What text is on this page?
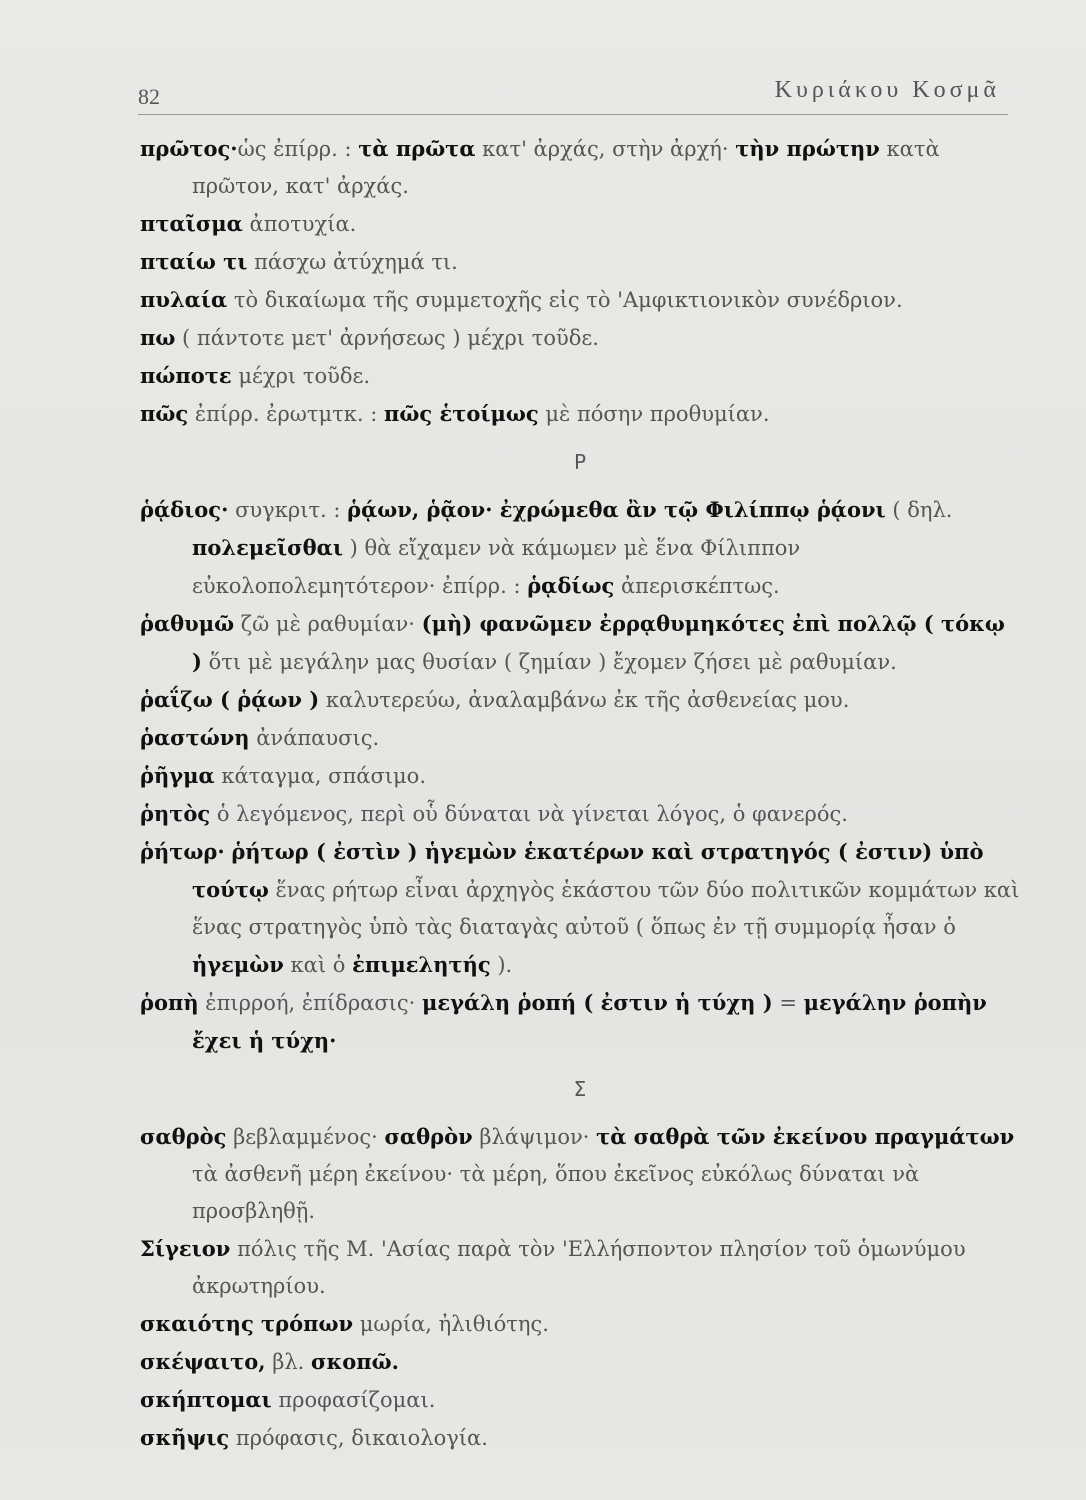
82	Κυριάκου Κοσμᾶ

πρῶτος·ὡς ἐπίρρ. : τὰ πρῶτα κατ' ἀρχάς, στὴν ἀρχή· τὴν πρώτην κατὰ πρῶτον, κατ' ἀρχάς.

πταῖσμα ἀποτυχία.

πταίω τι πάσχω ἀτύχημά τι.

πυλαία τὸ δικαίωμα τῆς συμμετοχῆς εἰς τὸ 'Αμφικτιονικὸν συνέδριον.

πω ( πάντοτε μετ' ἀρνήσεως ) μέχρι τοῦδε.

πώποτε μέχρι τοῦδε.

πῶς ἐπίρρ. ἐρωτμτκ. : πῶς ἑτοίμως μὲ πόσην προθυμίαν.

Ρ

ῥᾴδιος· συγκριτ. : ῥᾴων, ῥᾷον· ἐχρώμεθα ἂν τῷ Φιλίππῳ ῥᾴονι ( δηλ. πολεμεῖσθαι ) θὰ εἴχαμεν νὰ κάμωμεν μὲ ἕνα Φίλιππον εὐκολοπολεμητότερον· ἐπίρρ. : ῥᾳδίως ἀπερισκέπτως.

ῥαθυμῶ ζῶ μὲ ραθυμίαν· (μὴ) φανῶμεν ἐρρᾳθυμηκότες ἐπὶ πολλῷ ( τόκῳ ) ὅτι μὲ μεγάλην μας θυσίαν ( ζημίαν ) ἔχομεν ζήσει μὲ ραθυμίαν.

ῥαΐζω ( ῥᾴων ) καλυτερεύω, ἀναλαμβάνω ἐκ τῆς ἀσθενείας μου.

ῥαστώνη ἀνάπαυσις.

ῥῆγμα κάταγμα, σπάσιμο.

ῥητὸς ὁ λεγόμενος, περὶ οὗ δύναται νὰ γίνεται λόγος, ὁ φανερός.

ῥήτωρ· ῥήτωρ ( ἐστὶν ) ἡγεμὼν ἑκατέρων καὶ στρατηγός ( ἐστιν) ὑπὸ τούτῳ ἕνας ρήτωρ εἶναι ἀρχηγὸς ἑκάστου τῶν δύο πολιτικῶν κομμάτων καὶ ἕνας στρατηγὸς ὑπὸ τὰς διαταγὰς αὐτοῦ ( ὅπως ἐν τῇ συμμορίᾳ ἦσαν ὁ ἡγεμὼν καὶ ὁ ἐπιμελητής ).

ῥοπὴ ἐπιρροή, ἐπίδρασις· μεγάλη ῥοπή ( ἐστιν ἡ τύχη ) = μεγάλην ῥοπὴν ἔχει ἡ τύχη·

Σ

σαθρὸς βεβλαμμένος· σαθρὸν βλάψιμον· τὰ σαθρὰ τῶν ἐκείνου πραγμάτων τὰ ἀσθενῆ μέρη ἐκείνου· τὰ μέρη, ὅπου ἐκεῖνος εὐκόλως δύναται νὰ προσβληθῇ.

Σίγειον πόλις τῆς Μ. 'Ασίας παρὰ τὸν 'Ελλήσποντον πλησίον τοῦ ὁμωνύμου ἀκρωτηρίου.

σκαιότης τρόπων μωρία, ἠλιθιότης.

σκέψαιτο, βλ. σκοπῶ.

σκήπτομαι προφασίζομαι.

σκῆψις πρόφασις, δικαιολογία.
